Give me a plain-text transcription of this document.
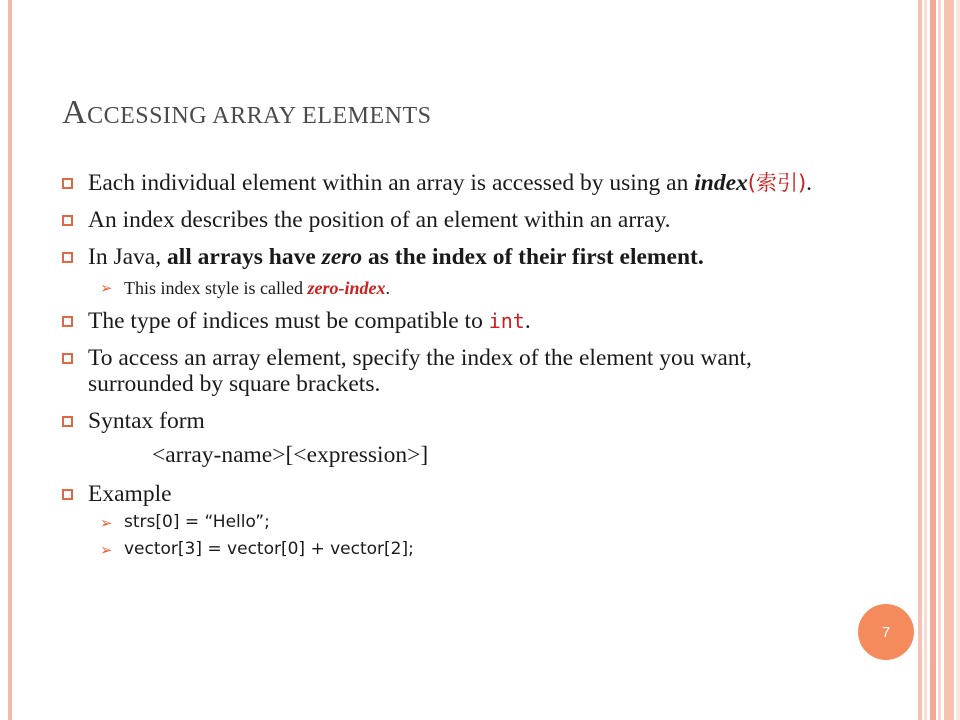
ACCESSING ARRAY ELEMENTS
Each individual element within an array is accessed by using an index(索引).
An index describes the position of an element within an array.
In Java, all arrays have zero as the index of their first element.
➢ This index style is called zero-index.
The type of indices must be compatible to int.
To access an array element, specify the index of the element you want, surrounded by square brackets.
Syntax form
<array-name>[<expression>]
Example
➢ strs[0] = “Hello”;
➢ vector[3] = vector[0] + vector[2];
7
